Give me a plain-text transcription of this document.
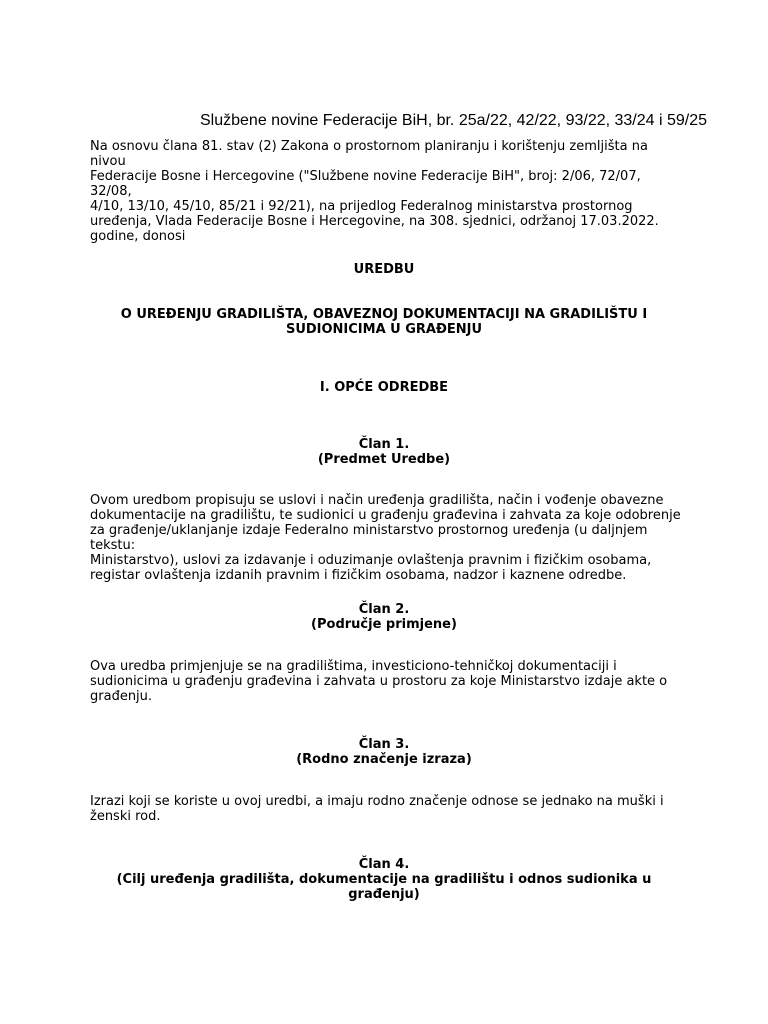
Službene novine Federacije BiH, br. 25a/22, 42/22, 93/22, 33/24 i 59/25

Na osnovu člana 81. stav (2) Zakona o prostornom planiranju i korištenju zemljišta na nivou
Federacije Bosne i Hercegovine ("Službene novine Federacije BiH", broj: 2/06, 72/07, 32/08,
4/10, 13/10, 45/10, 85/21 i 92/21), na prijedlog Federalnog ministarstva prostornog
uređenja, Vlada Federacije Bosne i Hercegovine, na 308. sjednici, održanoj 17.03.2022.
godine, donosi

UREDBU

O UREĐENJU GRADILIŠTA, OBAVEZNOJ DOKUMENTACIJI NA GRADILIŠTU I
SUDIONICIMA U GRAĐENJU

I. OPĆE ODREDBE

Član 1.
(Predmet Uredbe)

Ovom uredbom propisuju se uslovi i način uređenja gradilišta, način i vođenje obavezne
dokumentacije na gradilištu, te sudionici u građenju građevina i zahvata za koje odobrenje
za građenje/uklanjanje izdaje Federalno ministarstvo prostornog uređenja (u daljnjem tekstu:
Ministarstvo), uslovi za izdavanje i oduzimanje ovlaštenja pravnim i fizičkim osobama,
registar ovlaštenja izdanih pravnim i fizičkim osobama, nadzor i kaznene odredbe.

Član 2.
(Područje primjene)

Ova uredba primjenjuje se na gradilištima, investiciono-tehničkoj dokumentaciji i
sudionicima u građenju građevina i zahvata u prostoru za koje Ministarstvo izdaje akte o
građenju.

Član 3.
(Rodno značenje izraza)

Izrazi koji se koriste u ovoj uredbi, a imaju rodno značenje odnose se jednako na muški i
ženski rod.

Član 4.
(Cilj uređenja gradilišta, dokumentacije na gradilištu i odnos sudionika u
građenju)
